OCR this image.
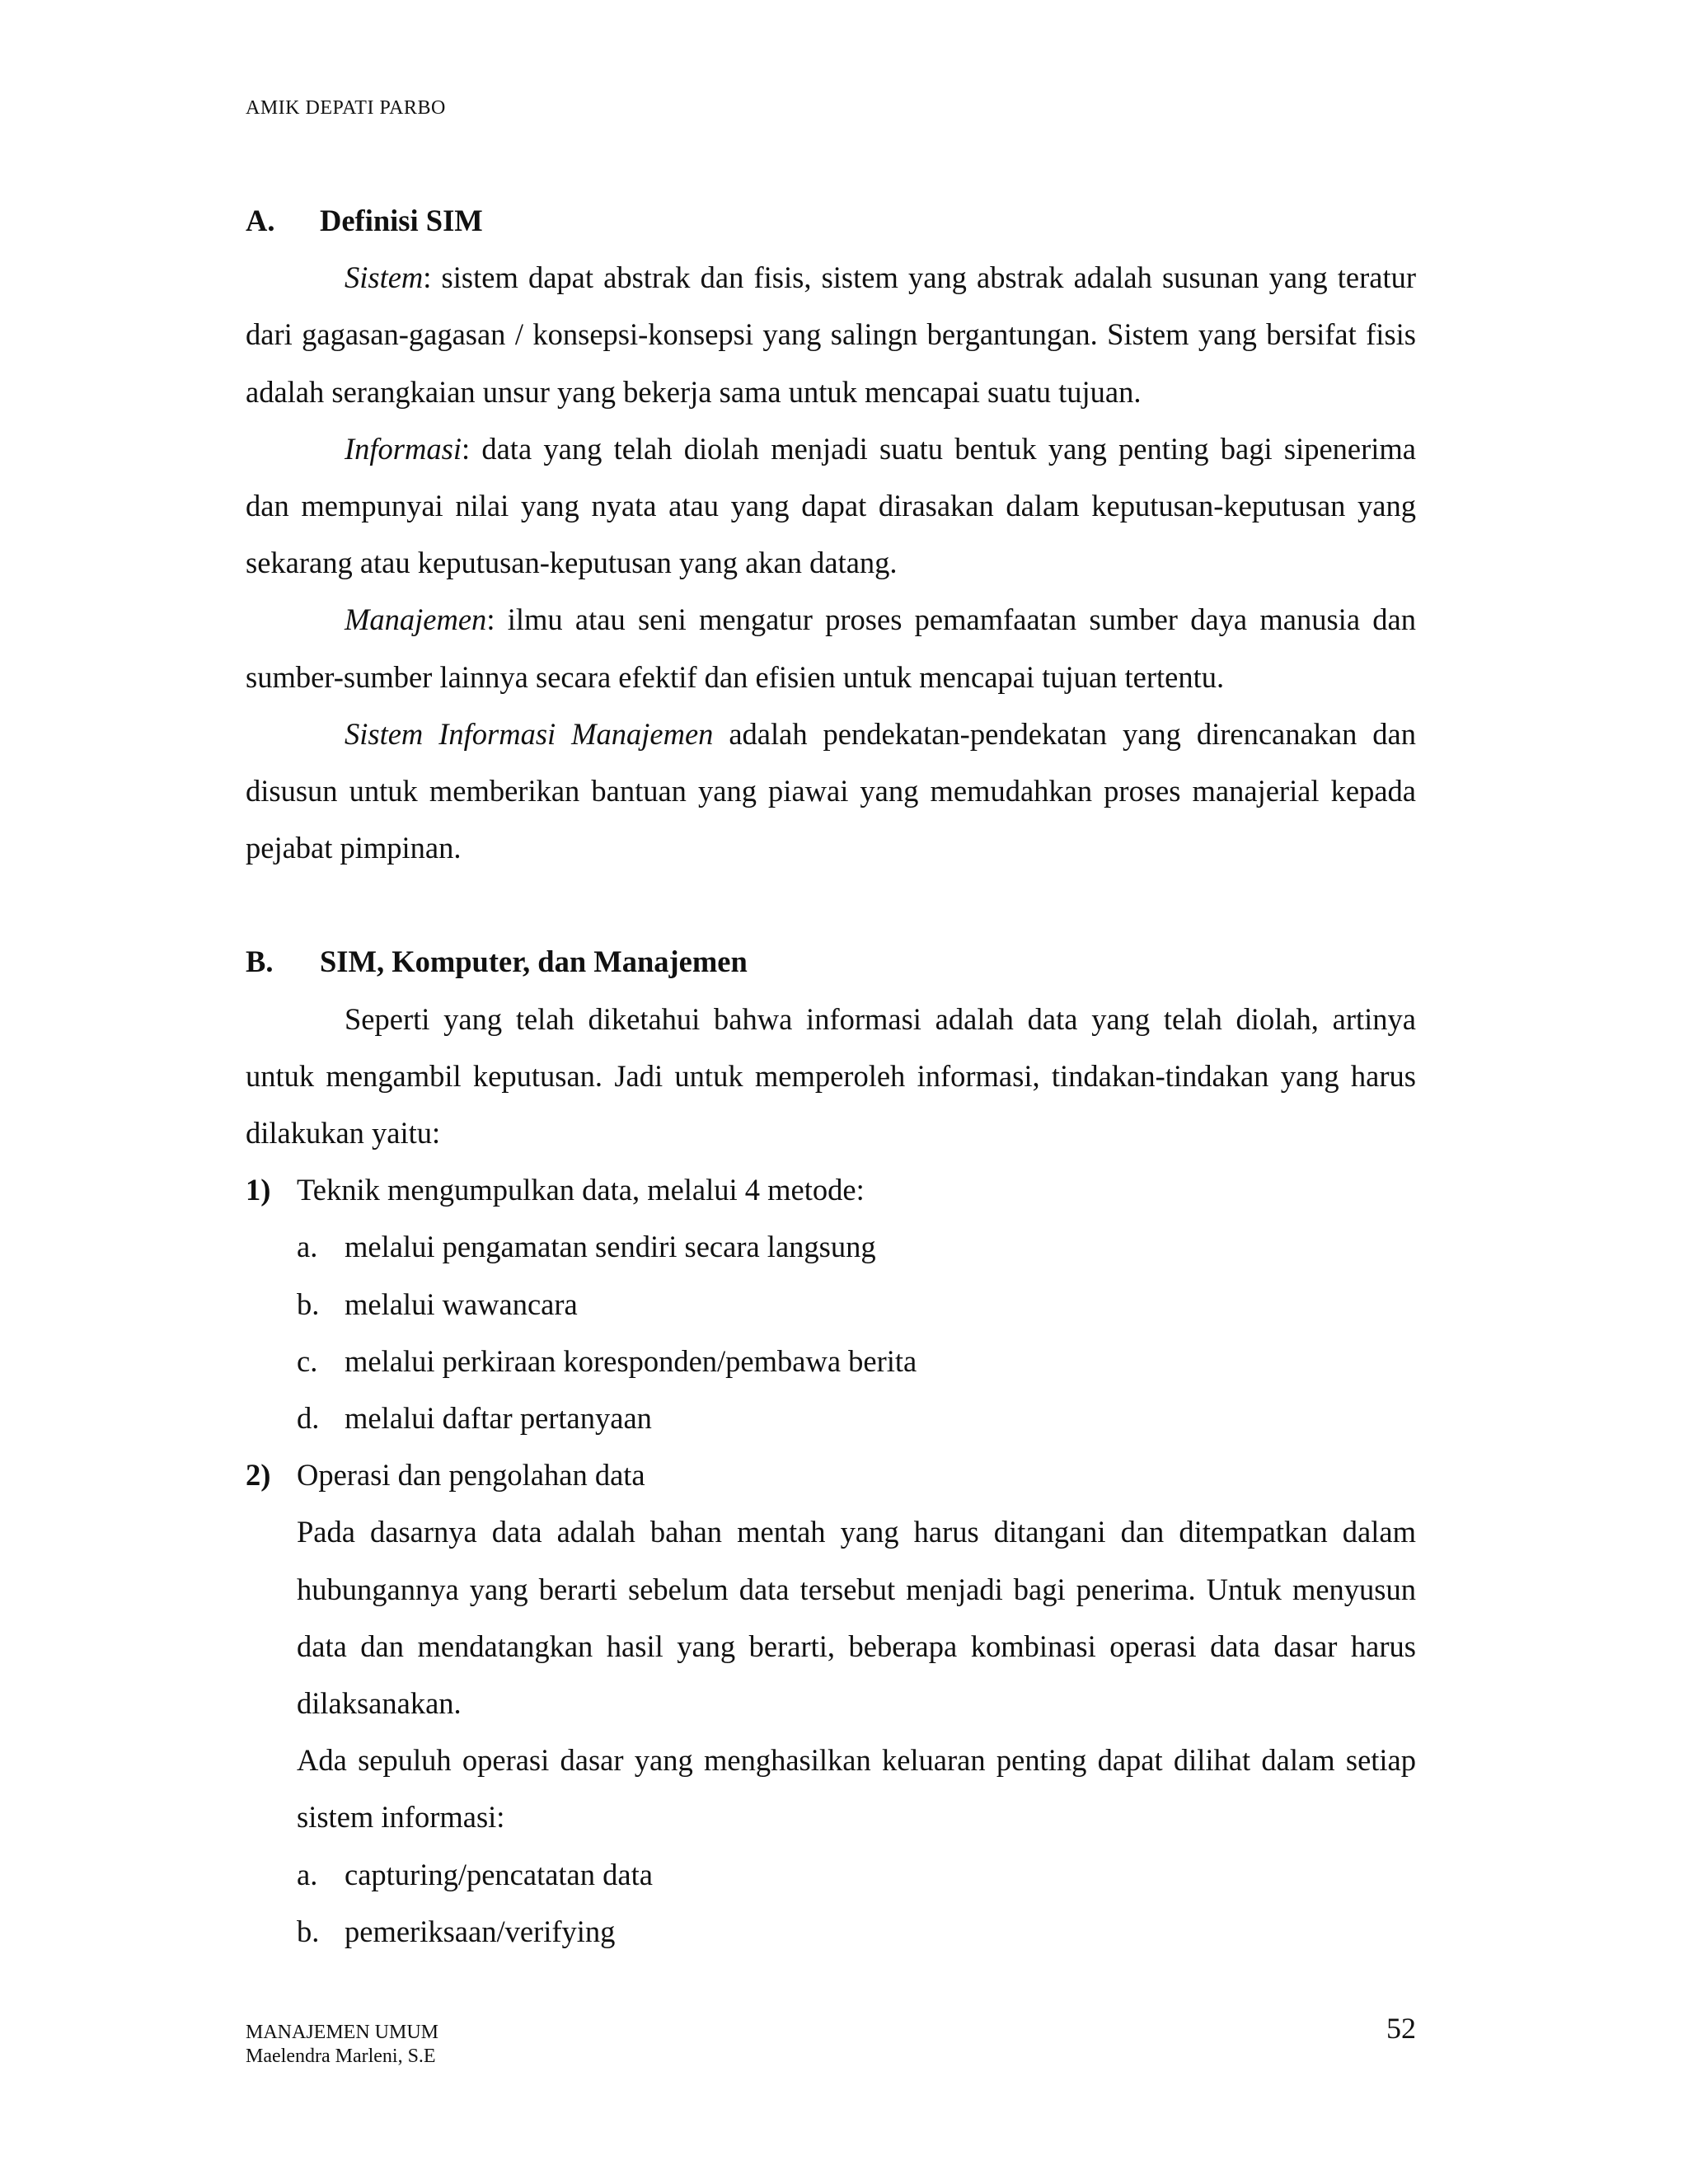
AMIK DEPATI PARBO
A.	Definisi SIM

Sistem: sistem dapat abstrak dan fisis, sistem yang abstrak adalah susunan yang teratur dari gagasan-gagasan / konsepsi-konsepsi yang salingn bergantungan. Sistem yang bersifat fisis adalah serangkaian unsur yang bekerja sama untuk mencapai suatu tujuan.

Informasi: data yang telah diolah menjadi suatu bentuk yang penting bagi sipenerima dan mempunyai nilai yang nyata atau yang dapat dirasakan dalam keputusan-keputusan yang sekarang atau keputusan-keputusan yang akan datang.

Manajemen: ilmu atau seni mengatur proses pemamfaatan sumber daya manusia dan sumber-sumber lainnya secara efektif dan efisien untuk mencapai tujuan tertentu.

Sistem Informasi Manajemen adalah pendekatan-pendekatan yang direncanakan dan disusun untuk memberikan bantuan yang piawai yang memudahkan proses manajerial kepada pejabat pimpinan.

B.	SIM, Komputer, dan Manajemen

Seperti yang telah diketahui bahwa informasi adalah data yang telah diolah, artinya untuk mengambil keputusan. Jadi untuk memperoleh informasi, tindakan-tindakan yang harus dilakukan yaitu:

1) Teknik mengumpulkan data, melalui 4 metode:
a. melalui pengamatan sendiri secara langsung
b. melalui wawancara
c. melalui perkiraan koresponden/pembawa berita
d. melalui daftar pertanyaan
2) Operasi dan pengolahan data

Pada dasarnya data adalah bahan mentah yang harus ditangani dan ditempatkan dalam hubungannya yang berarti sebelum data tersebut menjadi bagi penerima. Untuk menyusun data dan mendatangkan hasil yang berarti, beberapa kombinasi operasi data dasar harus dilaksanakan.

Ada sepuluh operasi dasar yang menghasilkan keluaran penting dapat dilihat dalam setiap sistem informasi:

a. capturing/pencatatan data
b. pemeriksaan/verifying
MANAJEMEN UMUM
Maelendra Marleni, S.E
52
